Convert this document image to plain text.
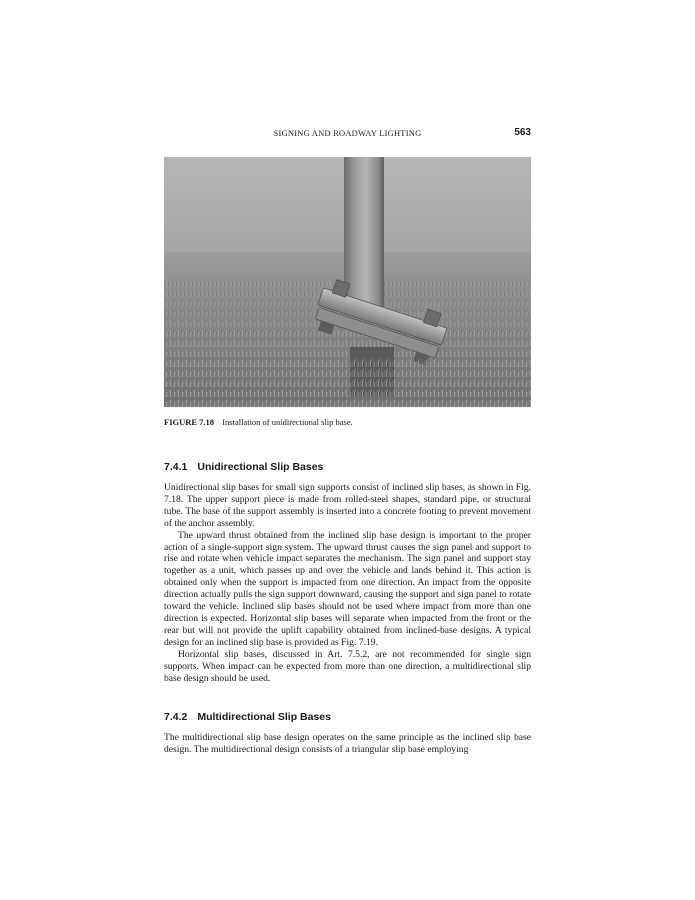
SIGNING AND ROADWAY LIGHTING	563
FIGURE 7.18 Installation of unidirectional slip base.
7.4.1 Unidirectional Slip Bases

Unidirectional slip bases for small sign supports consist of inclined slip bases, as shown in Fig. 7.18. The upper support piece is made from rolled-steel shapes, standard pipe, or structural tube. The base of the support assembly is inserted into a concrete footing to prevent movement of the anchor assembly.

The upward thrust obtained from the inclined slip base design is important to the proper action of a single-support sign system. The upward thrust causes the sign panel and support to rise and rotate when vehicle impact separates the mechanism. The sign panel and support stay together as a unit, which passes up and over the vehicle and lands behind it. This action is obtained only when the support is impacted from one direction. An impact from the opposite direction actually pulls the sign support downward, causing the support and sign panel to rotate toward the vehicle. Inclined slip bases should not be used where impact from more than one direction is expected. Horizontal slip bases will separate when impacted from the front or the rear but will not provide the uplift capability obtained from inclined-base designs. A typical design for an inclined slip base is provided as Fig. 7.19.

Horizontal slip bases, discussed in Art. 7.5.2, are not recommended for single sign supports. When impact can be expected from more than one direction, a multidirectional slip base design should be used.

7.4.2 Multidirectional Slip Bases

The multidirectional slip base design operates on the same principle as the inclined slip base design. The multidirectional design consists of a triangular slip base employing
